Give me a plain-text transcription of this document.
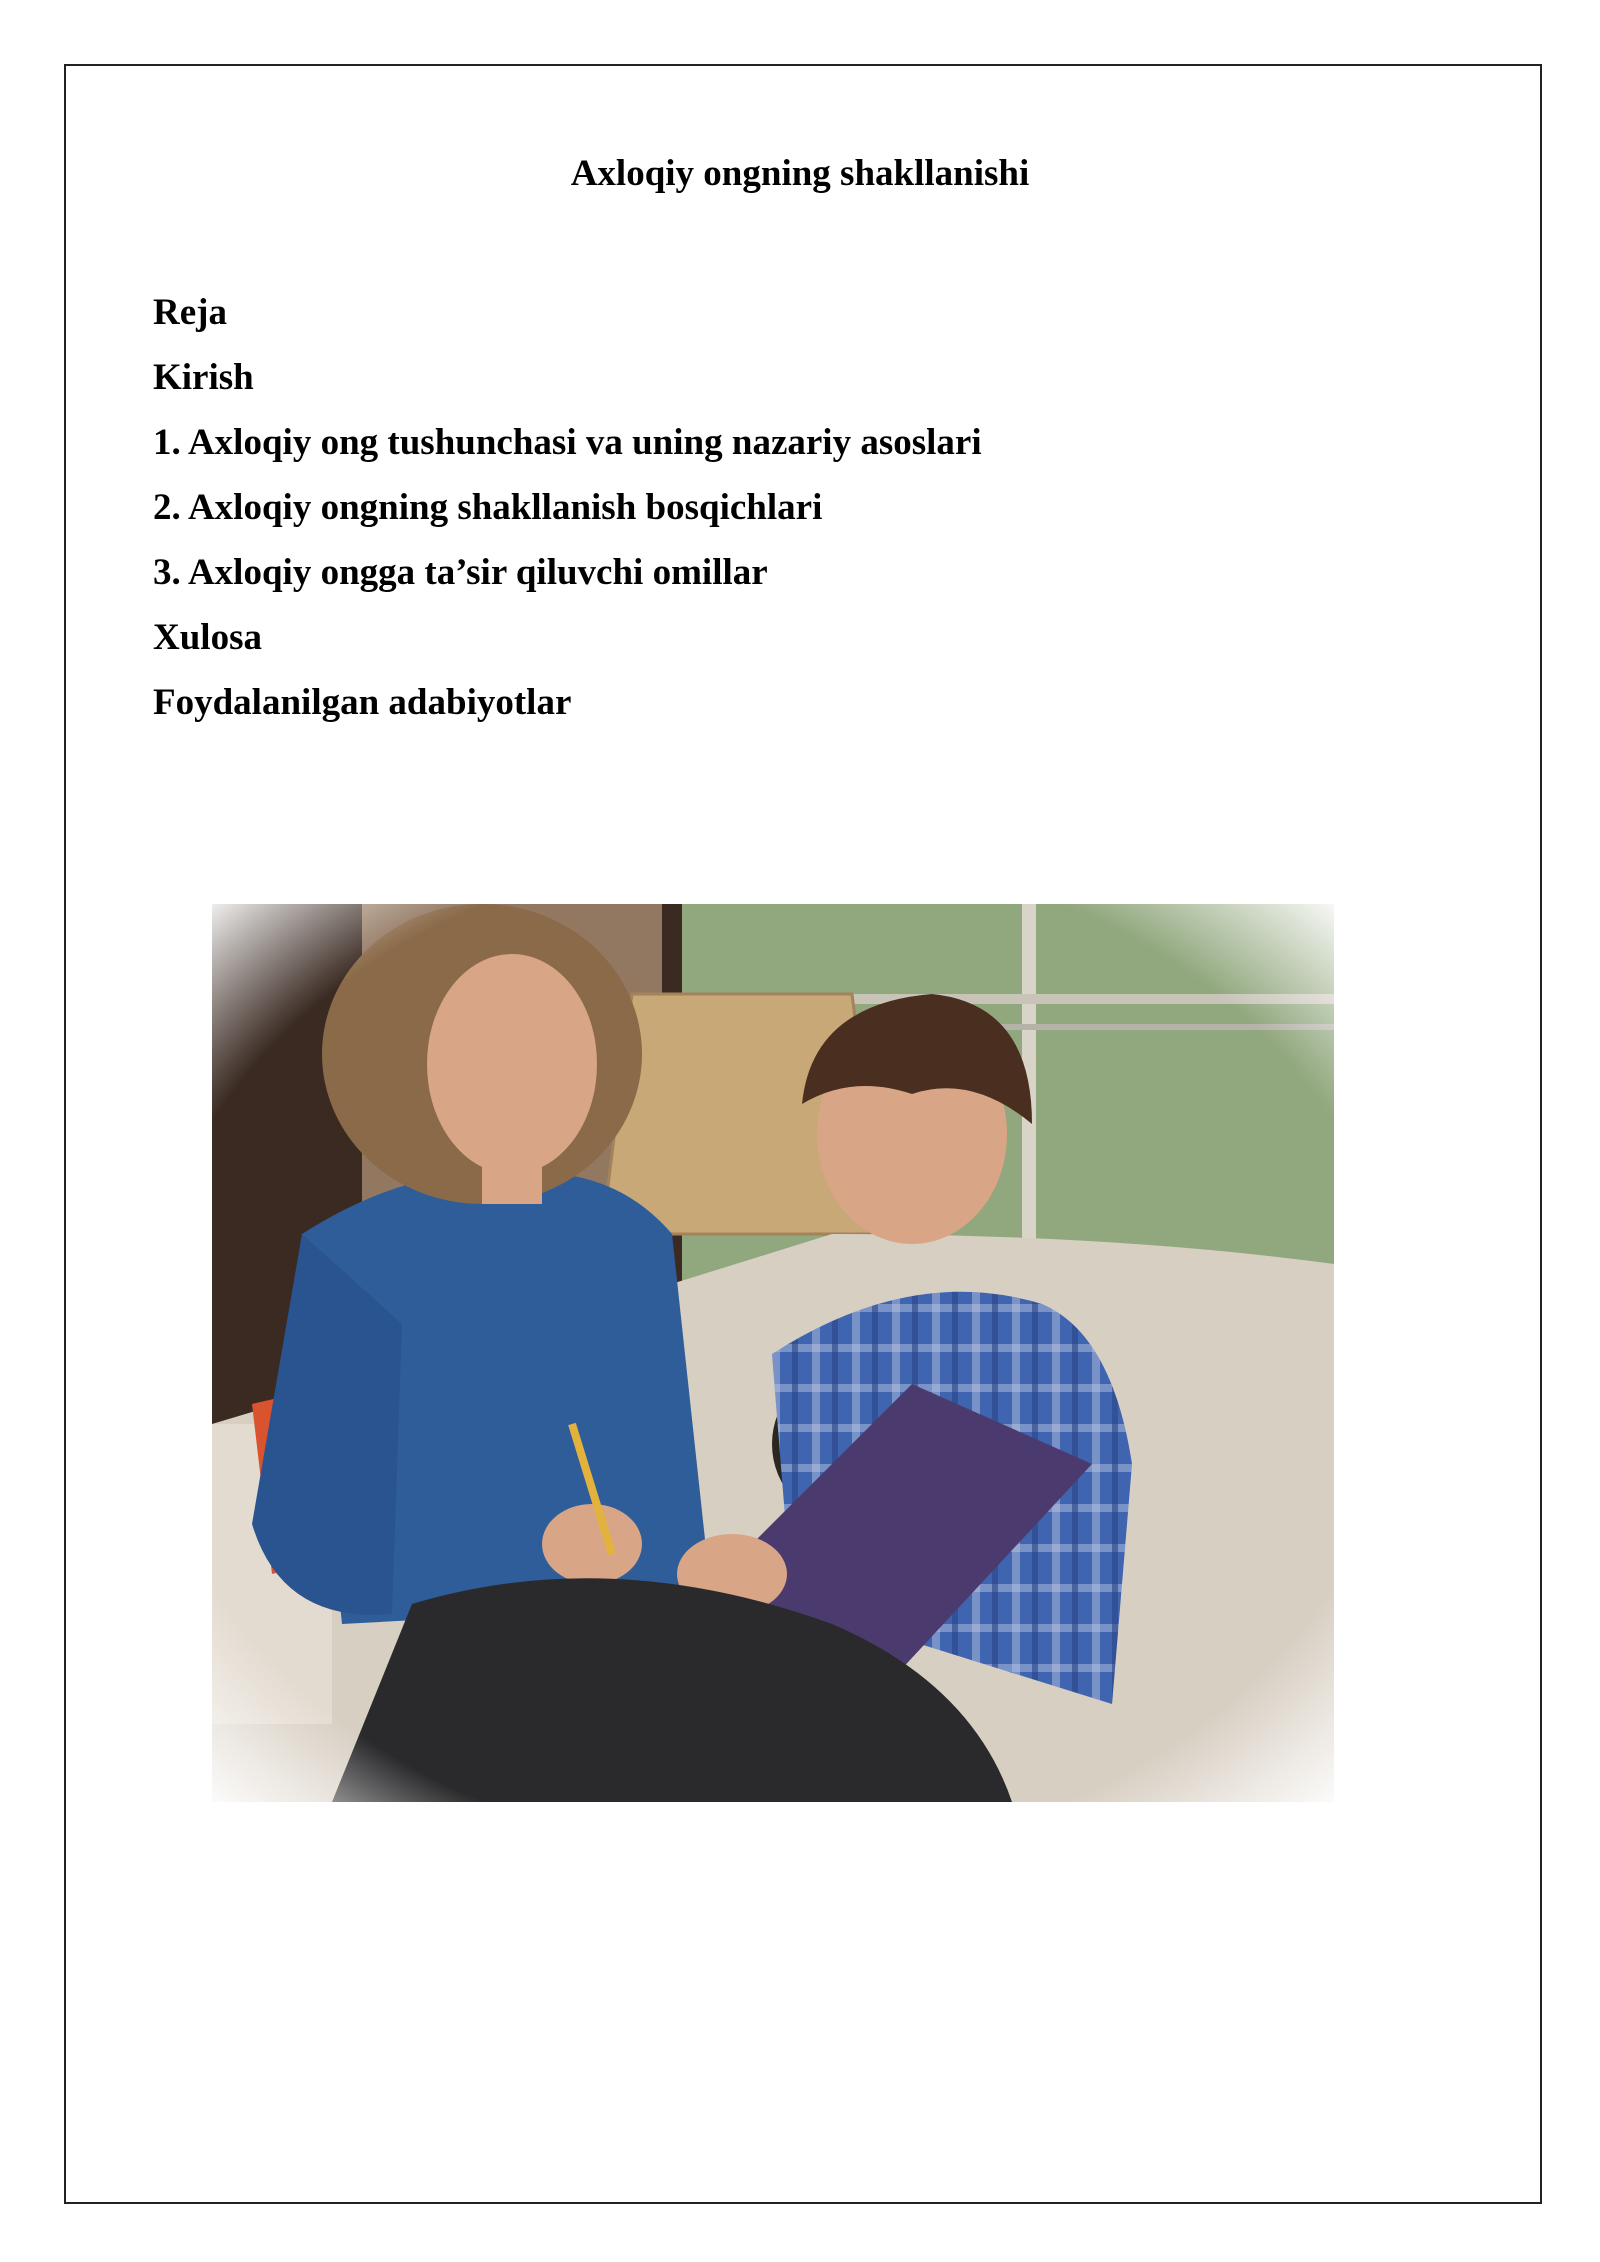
Axloqiy ongning shakllanishi
Reja
Kirish
1. Axloqiy ong tushunchasi va uning nazariy asoslari
2. Axloqiy ongning shakllanish bosqichlari
3. Axloqiy ongga ta’sir qiluvchi omillar
Xulosa
Foydalanilgan adabiyotlar
